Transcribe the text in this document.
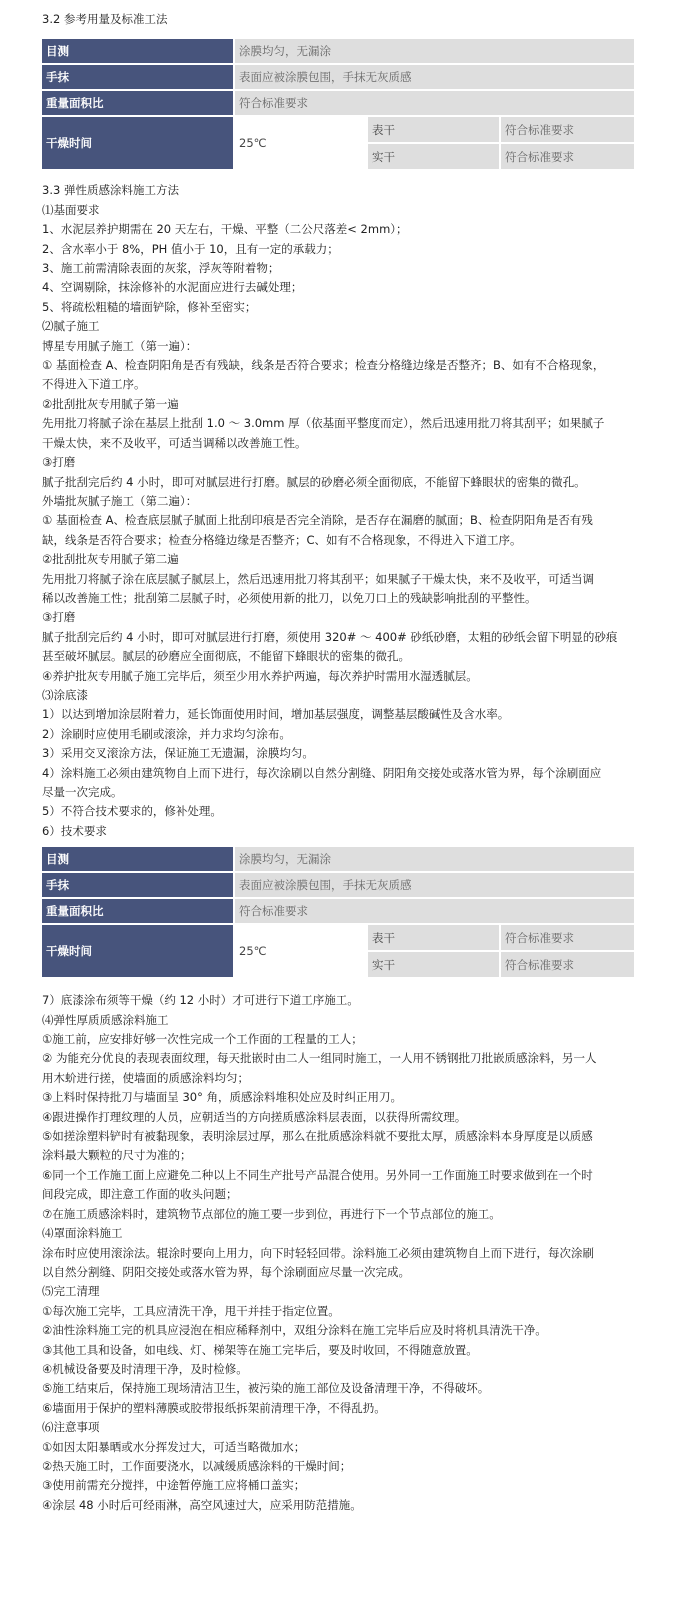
3.2 参考用量及标准工法
目测	涂膜均匀，无漏涂		
手抹	表面应被涂膜包围，手抹无灰质感		
重量面积比	符合标准要求		
干燥时间	25℃	表干	符合标准要求
		实干	符合标准要求
3.3 弹性质感涂料施工方法
⑴基面要求
1、水泥层养护期需在 20 天左右，干燥、平整（二公尺落差< 2mm）；
2、含水率小于 8%，PH 值小于 10，且有一定的承载力；
3、施工前需清除表面的灰浆，浮灰等附着物；
4、空调剔除，抹涂修补的水泥面应进行去碱处理；
5、将疏松粗糙的墙面铲除，修补至密实；
⑵腻子施工
博星专用腻子施工（第一遍）：
① 基面检查 A、检查阴阳角是否有残缺，线条是否符合要求；检查分格缝边缘是否整齐；B、如有不合格现象，
不得进入下道工序。
②批刮批灰专用腻子第一遍
先用批刀将腻子涂在基层上批刮 1.0 ～ 3.0mm 厚（依基面平整度而定），然后迅速用批刀将其刮平；如果腻子
干燥太快，来不及收平，可适当调稀以改善施工性。
③打磨
腻子批刮完后约 4 小时，即可对腻层进行打磨。腻层的砂磨必须全面彻底，不能留下蜂眼状的密集的微孔。
外墙批灰腻子施工（第二遍）：
① 基面检查 A、检查底层腻子腻面上批刮印痕是否完全消除，是否存在漏磨的腻面；B、检查阴阳角是否有残
缺，线条是否符合要求；检查分格缝边缘是否整齐；C、如有不合格现象，不得进入下道工序。
②批刮批灰专用腻子第二遍
先用批刀将腻子涂在底层腻子腻层上，然后迅速用批刀将其刮平；如果腻子干燥太快，来不及收平，可适当调
稀以改善施工性；批刮第二层腻子时，必须使用新的批刀，以免刀口上的残缺影响批刮的平整性。
③打磨
腻子批刮完后约 4 小时，即可对腻层进行打磨，须使用 320# ～ 400# 砂纸砂磨，太粗的砂纸会留下明显的砂痕
甚至破坏腻层。腻层的砂磨应全面彻底，不能留下蜂眼状的密集的微孔。
④养护批灰专用腻子施工完毕后，须至少用水养护两遍，每次养护时需用水湿透腻层。
⑶涂底漆
1）以达到增加涂层附着力，延长饰面使用时间，增加基层强度，调整基层酸碱性及含水率。
2）涂刷时应使用毛刷或滚涂，并力求均匀涂布。
3）采用交叉滚涂方法，保证施工无遗漏，涂膜均匀。
4）涂料施工必须由建筑物自上而下进行，每次涂刷以自然分割缝、阴阳角交接处或落水管为界，每个涂刷面应
尽量一次完成。
5）不符合技术要求的，修补处理。
6）技术要求
目测	涂膜均匀，无漏涂		
手抹	表面应被涂膜包围，手抹无灰质感		
重量面积比	符合标准要求		
干燥时间	25℃	表干	符合标准要求
		实干	符合标准要求
7）底漆涂布须等干燥（约 12 小时）才可进行下道工序施工。
⑷弹性厚质质感涂料施工
①施工前，应安排好够一次性完成一个工作面的工程量的工人；
② 为能充分优良的表现表面纹理，每天批嵌时由二人一组同时施工，一人用不锈钢批刀批嵌质感涂料，另一人
用木蚧进行搓，使墙面的质感涂料均匀；
③上料时保持批刀与墙面呈 30° 角，质感涂料堆积处应及时纠正用刀。
④跟进操作打理纹理的人员，应朝适当的方向搓质感涂料层表面，以获得所需纹理。
⑤如搓涂塑料铲时有被黏现象，表明涂层过厚，那么在批质感涂料就不要批太厚，质感涂料本身厚度是以质感
涂料最大颗粒的尺寸为准的；
⑥同一个工作施工面上应避免二种以上不同生产批号产品混合使用。另外同一工作面施工时要求做到在一个时
间段完成，即注意工作面的收头问题；
⑦在施工质感涂料时，建筑物节点部位的施工要一步到位，再进行下一个节点部位的施工。
⑷罩面涂料施工
涂布时应使用滚涂法。辊涂时要向上用力，向下时轻轻回带。涂料施工必须由建筑物自上而下进行，每次涂刷
以自然分割缝、阴阳交接处或落水管为界，每个涂刷面应尽量一次完成。
⑸完工清理
①每次施工完毕，工具应清洗干净，甩干并挂于指定位置。
②油性涂料施工完的机具应浸泡在相应稀释剂中，双组分涂料在施工完毕后应及时将机具清洗干净。
③其他工具和设备，如电线、灯、梯架等在施工完毕后，要及时收回，不得随意放置。
④机械设备要及时清理干净，及时检修。
⑤施工结束后，保持施工现场清洁卫生，被污染的施工部位及设备清理干净，不得破坏。
⑥墙面用于保护的塑料薄膜或胶带报纸拆架前清理干净，不得乱扔。
⑹注意事项
①如因太阳暴晒或水分挥发过大，可适当略微加水；
②热天施工时，工作面要浇水，以减缓质感涂料的干燥时间；
③使用前需充分搅拌，中途暂停施工应将桶口盖实；
④涂层 48 小时后可经雨淋，高空风速过大，应采用防范措施。
